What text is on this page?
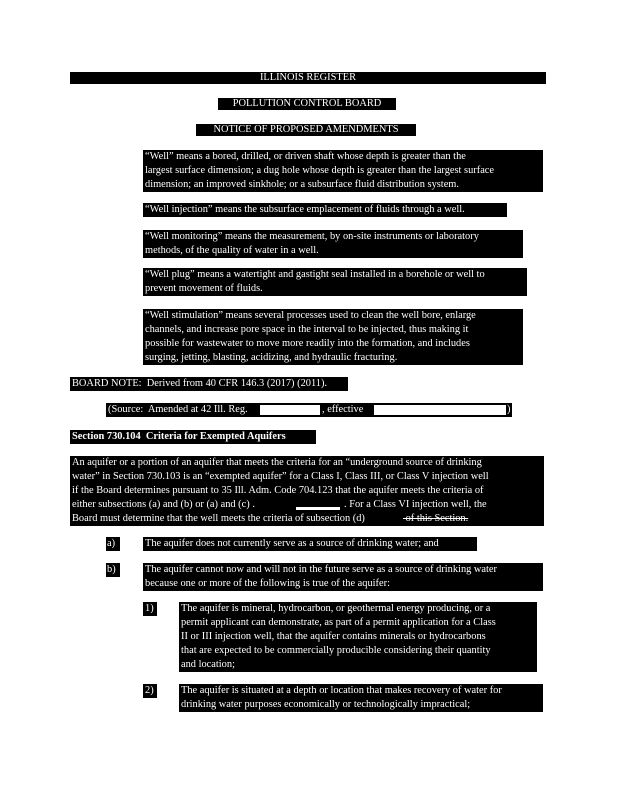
ILLINOIS REGISTER
POLLUTION CONTROL BOARD
NOTICE OF PROPOSED AMENDMENTS
“Well” means a bored, drilled, or driven shaft whose depth is greater than the
largest surface dimension; a dug hole whose depth is greater than the largest surface
dimension; an improved sinkhole; or a subsurface fluid distribution system.
“Well injection” means the subsurface emplacement of fluids through a well.
“Well monitoring” means the measurement, by on-site instruments or laboratory
methods, of the quality of water in a well.
“Well plug” means a watertight and gastight seal installed in a borehole or well to
prevent movement of fluids.
“Well stimulation” means several processes used to clean the well bore, enlarge
channels, and increase pore space in the interval to be injected, thus making it
possible for wastewater to move more readily into the formation, and includes
surging, jetting, blasting, acidizing, and hydraulic fracturing.
BOARD NOTE:  Derived from 40 CFR 146.3 (2017) (2011).
(Source:  Amended at 42 Ill. Reg.	, effective	)
Section 730.104  Criteria for Exempted Aquifers
An aquifer or a portion of an aquifer that meets the criteria for an “underground source of drinking
water” in Section 730.103 is an “exempted aquifer” for a Class I, Class III, or Class V injection well
if the Board determines pursuant to 35 Ill. Adm. Code 704.123 that the aquifer meets the criteria of
either subsections (a) and (b) or (a) and (c) .	. For a Class VI injection well, the
Board must determine that the well meets the criteria of subsection (d)	of this Section.
a)	The aquifer does not currently serve as a source of drinking water; and
b)	The aquifer cannot now and will not in the future serve as a source of drinking water
because one or more of the following is true of the aquifer:
1)	The aquifer is mineral, hydrocarbon, or geothermal energy producing, or a
permit applicant can demonstrate, as part of a permit application for a Class
II or III injection well, that the aquifer contains minerals or hydrocarbons
that are expected to be commercially producible considering their quantity
and location;
2)	The aquifer is situated at a depth or location that makes recovery of water for
drinking water purposes economically or technologically impractical;
